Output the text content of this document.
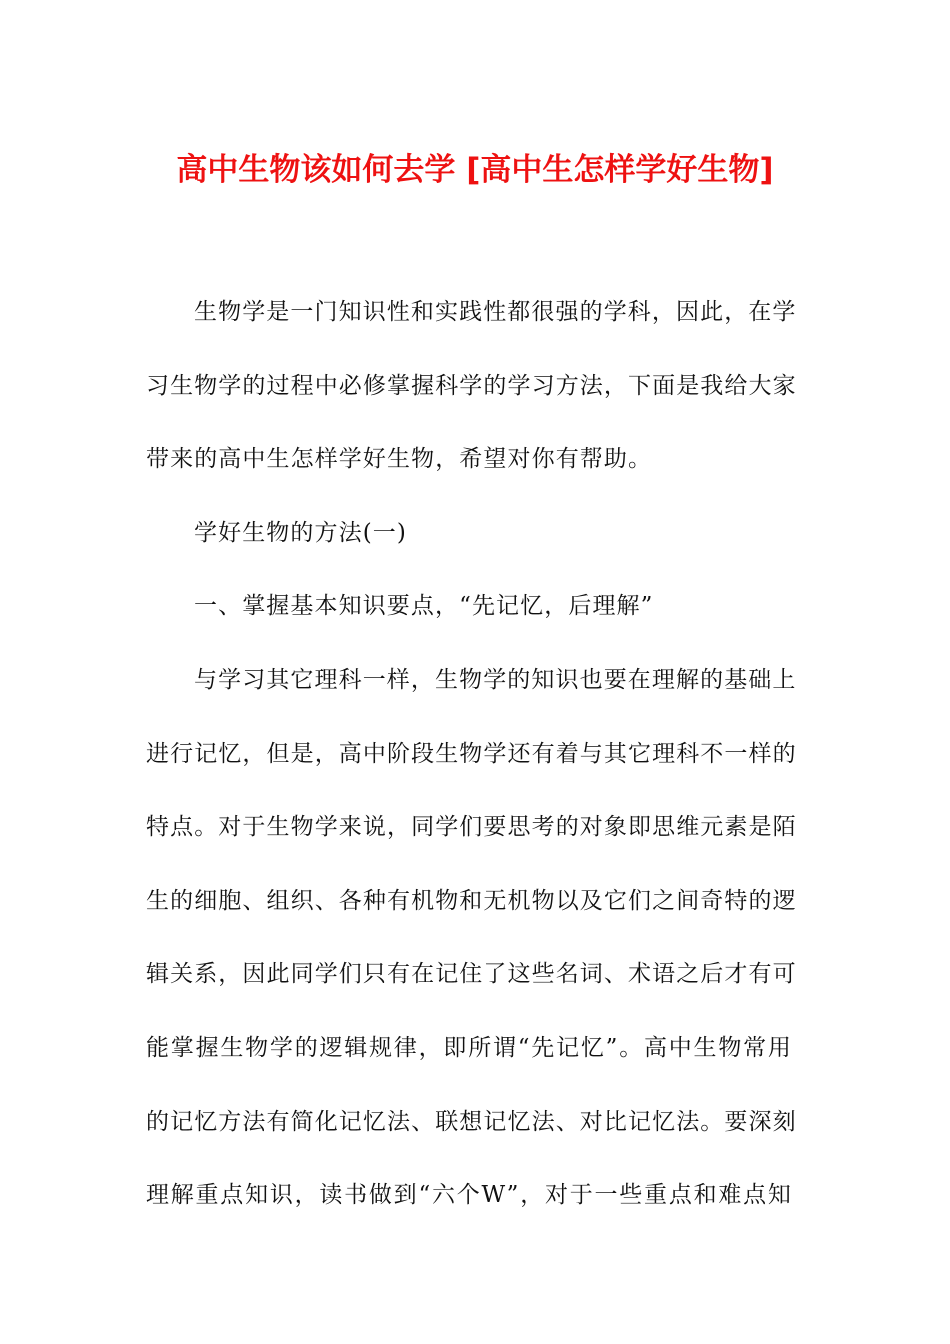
高中生物该如何去学 [高中生怎样学好生物]

生物学是一门知识性和实践性都很强的学科，因此，在学
习生物学的过程中必修掌握科学的学习方法，下面是我给大家
带来的高中生怎样学好生物，希望对你有帮助。

学好生物的方法(一)

一、掌握基本知识要点，“先记忆，后理解”

与学习其它理科一样，生物学的知识也要在理解的基础上
进行记忆，但是，高中阶段生物学还有着与其它理科不一样的
特点。对于生物学来说，同学们要思考的对象即思维元素是陌
生的细胞、组织、各种有机物和无机物以及它们之间奇特的逻
辑关系，因此同学们只有在记住了这些名词、术语之后才有可
能掌握生物学的逻辑规律，即所谓“先记忆”。高中生物常用
的记忆方法有简化记忆法、联想记忆法、对比记忆法。要深刻
理解重点知识，读书做到“六个W”，对于一些重点和难点知
